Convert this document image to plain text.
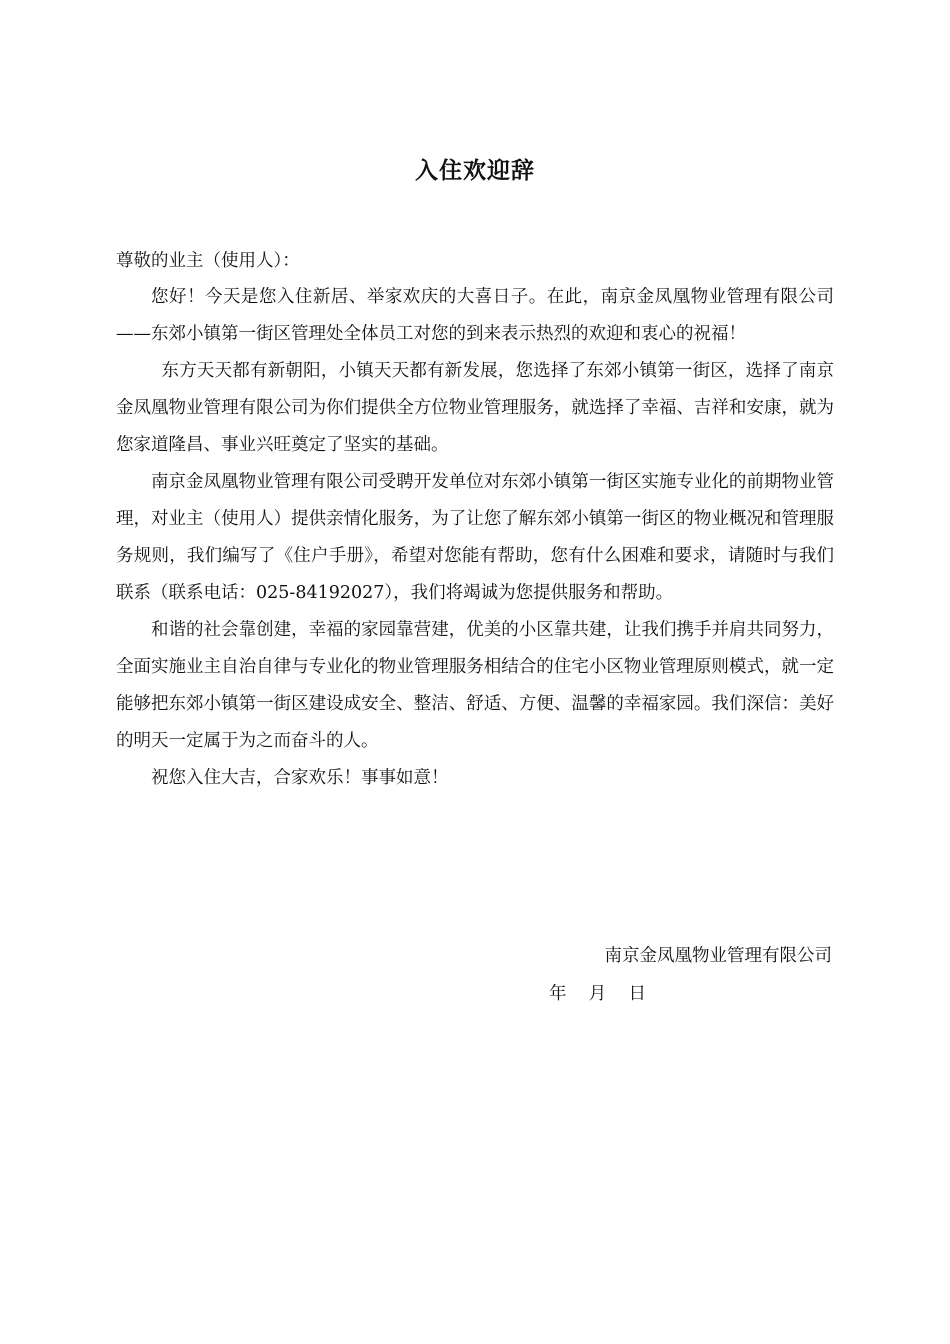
入住欢迎辞

尊敬的业主（使用人）：

您好！今天是您入住新居、举家欢庆的大喜日子。在此，南京金凤凰物业管理有限公司——东郊小镇第一街区管理处全体员工对您的到来表示热烈的欢迎和衷心的祝福！

东方天天都有新朝阳，小镇天天都有新发展，您选择了东郊小镇第一街区，选择了南京金凤凰物业管理有限公司为你们提供全方位物业管理服务，就选择了幸福、吉祥和安康，就为您家道隆昌、事业兴旺奠定了坚实的基础。

南京金凤凰物业管理有限公司受聘开发单位对东郊小镇第一街区实施专业化的前期物业管理，对业主（使用人）提供亲情化服务，为了让您了解东郊小镇第一街区的物业概况和管理服务规则，我们编写了《住户手册》，希望对您能有帮助，您有什么困难和要求，请随时与我们联系（联系电话：025-84192027），我们将竭诚为您提供服务和帮助。

和谐的社会靠创建，幸福的家园靠营建，优美的小区靠共建，让我们携手并肩共同努力，全面实施业主自治自律与专业化的物业管理服务相结合的住宅小区物业管理原则模式，就一定能够把东郊小镇第一街区建设成安全、整洁、舒适、方便、温馨的幸福家园。我们深信：美好的明天一定属于为之而奋斗的人。

祝您入住大吉，合家欢乐！事事如意！

南京金凤凰物业管理有限公司
年    月    日
